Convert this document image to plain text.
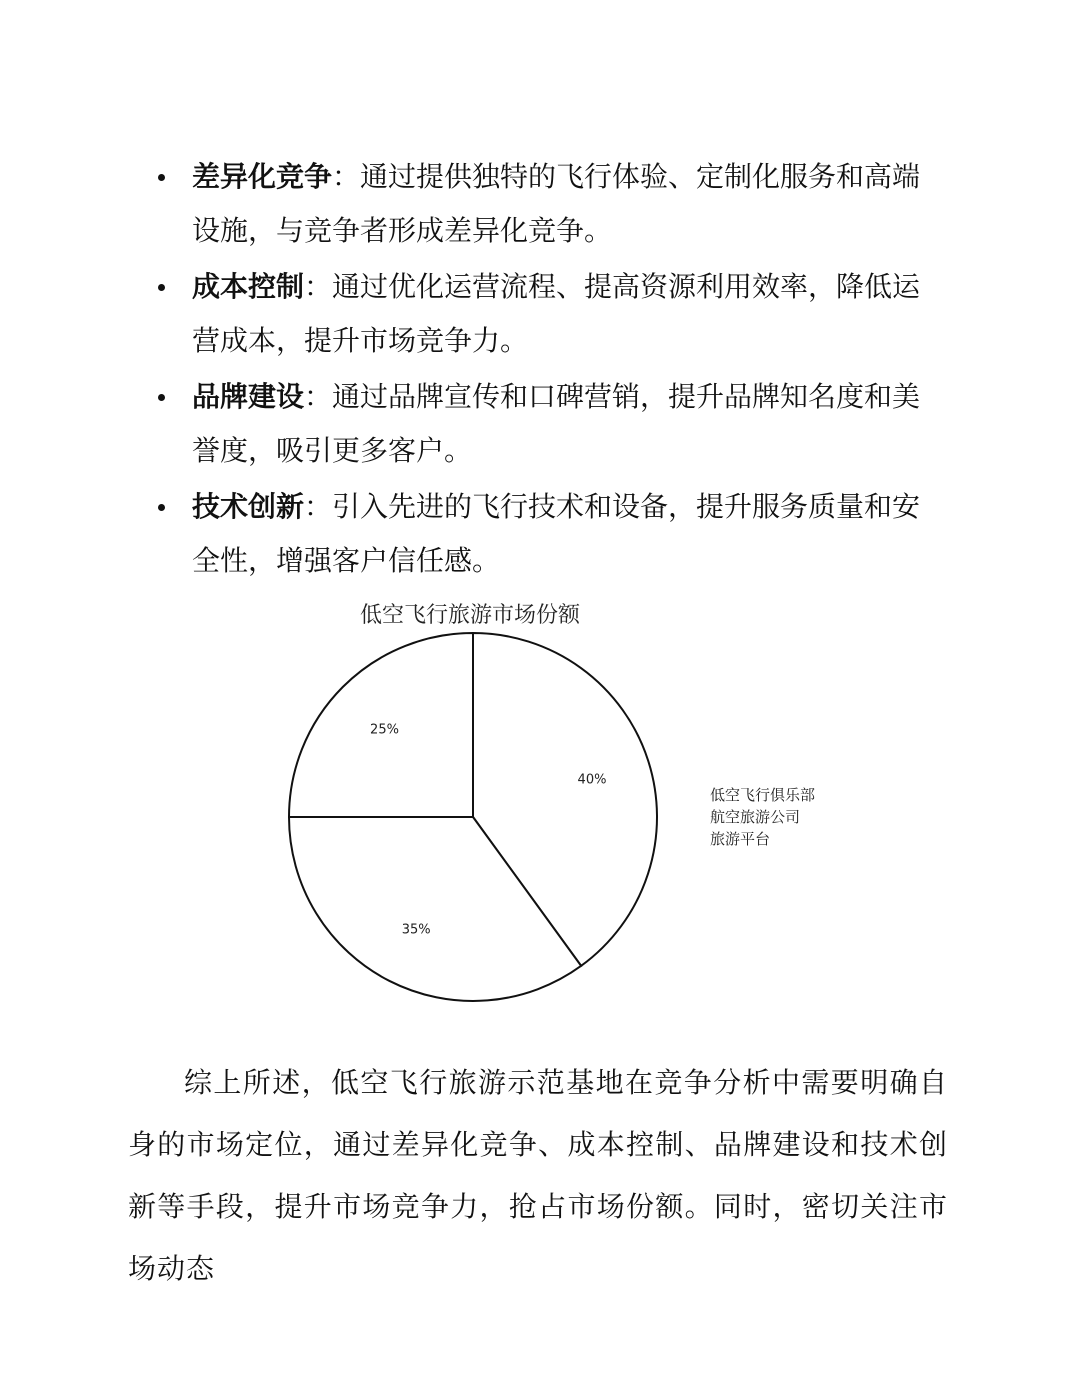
差异化竞争：通过提供独特的飞行体验、定制化服务和高端设施，与竞争者形成差异化竞争。
成本控制：通过优化运营流程、提高资源利用效率，降低运营成本，提升市场竞争力。
品牌建设：通过品牌宣传和口碑营销，提升品牌知名度和美誉度，吸引更多客户。
技术创新：引入先进的飞行技术和设备，提升服务质量和安全性，增强客户信任感。
低空飞行旅游市场份额
40%
35%
25%
低空飞行俱乐部
航空旅游公司
旅游平台

综上所述，低空飞行旅游示范基地在竞争分析中需要明确自身的市场定位，通过差异化竞争、成本控制、品牌建设和技术创新等手段，提升市场竞争力，抢占市场份额。同时，密切关注市场动态
